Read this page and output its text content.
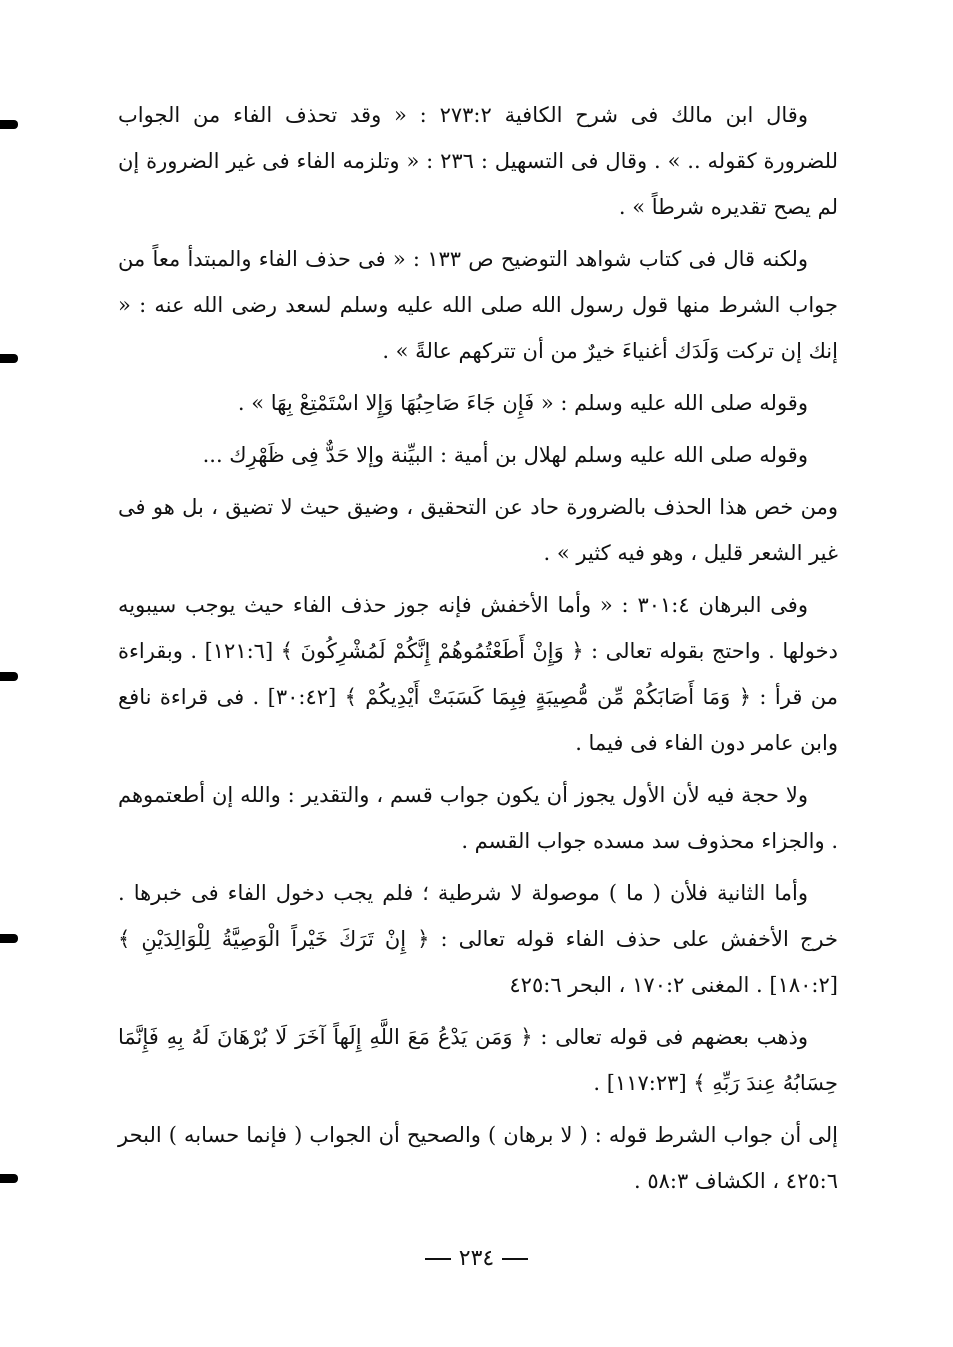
وقال ابن مالك فى شرح الكافية ٢٧٣:٢ : « وقد تحذف الفاء من الجواب للضرورة كقوله .. » . وقال فى التسهيل : ٢٣٦ : « وتلزمه الفاء فى غير الضرورة إن لم يصح تقديره شرطاً » .

ولكنه قال فى كتاب شواهد التوضيح ص ١٣٣ : « فى حذف الفاء والمبتدأ معاً من جواب الشرط منها قول رسول الله صلى الله عليه وسلم لسعد رضى الله عنه : « إنك إن تركت وَلَدَك أغنياءَ خيرٌ من أن تتركهم عالةً » .

وقوله صلى الله عليه وسلم : « فَإِن جَاءَ صَاحِبُهَا وَإِلا اسْتَمْتِعْ بِهَا » .

وقوله صلى الله عليه وسلم لهلال بن أمية : البيِّنة وإلا حَدٌّ فِى ظَهْرِك ...

ومن خص هذا الحذف بالضرورة حاد عن التحقيق ، وضيق حيث لا تضيق ، بل هو فى غير الشعر قليل ، وهو فيه كثير » .

وفى البرهان ٣٠١:٤ : « وأما الأخفش فإنه جوز حذف الفاء حيث يوجب سيبويه دخولها . واحتج بقوله تعالى : ﴿ وَإِنْ أَطَعْتُمُوهُمْ إِنَّكُمْ لَمُشْرِكُونَ ﴾ [١٢١:٦] . وبقراءة من قرأ : ﴿ وَمَا أَصَابَكُمْ مِّن مُّصِيبَةٍ فِبِمَا كَسَبَتْ أَيْدِيكُمْ ﴾ [٣٠:٤٢] . فى قراءة نافع وابن عامر دون الفاء فى فيما .

ولا حجة فيه لأن الأول يجوز أن يكون جواب قسم ، والتقدير : والله إن أطعتموهم . والجزاء محذوف سد مسده جواب القسم .

وأما الثانية فلأن ( ما ) موصولة لا شرطية ؛ فلم يجب دخول الفاء فى خبرها . خرج الأخفش على حذف الفاء قوله تعالى : ﴿ إِنْ تَرَكَ خَيْراً الْوَصِيَّةُ لِلْوَالِدَيْنِ ﴾ [١٨٠:٢] . المغنى ١٧٠:٢ ، البحر ٤٢٥:٦

وذهب بعضهم فى قوله تعالى : ﴿ وَمَن يَدْعُ مَعَ اللَّهِ إِلَهاً آخَرَ لَا بُرْهَانَ لَهُ بِهِ فَإِنَّمَا حِسَابُهُ عِندَ رَبِّهِ ﴾ [١١٧:٢٣] .

إلى أن جواب الشرط قوله : ( لا برهان ) والصحيح أن الجواب ( فإنما حسابه ) البحر ٤٢٥:٦ ، الكشاف ٥٨:٣ .

٢٣٤
